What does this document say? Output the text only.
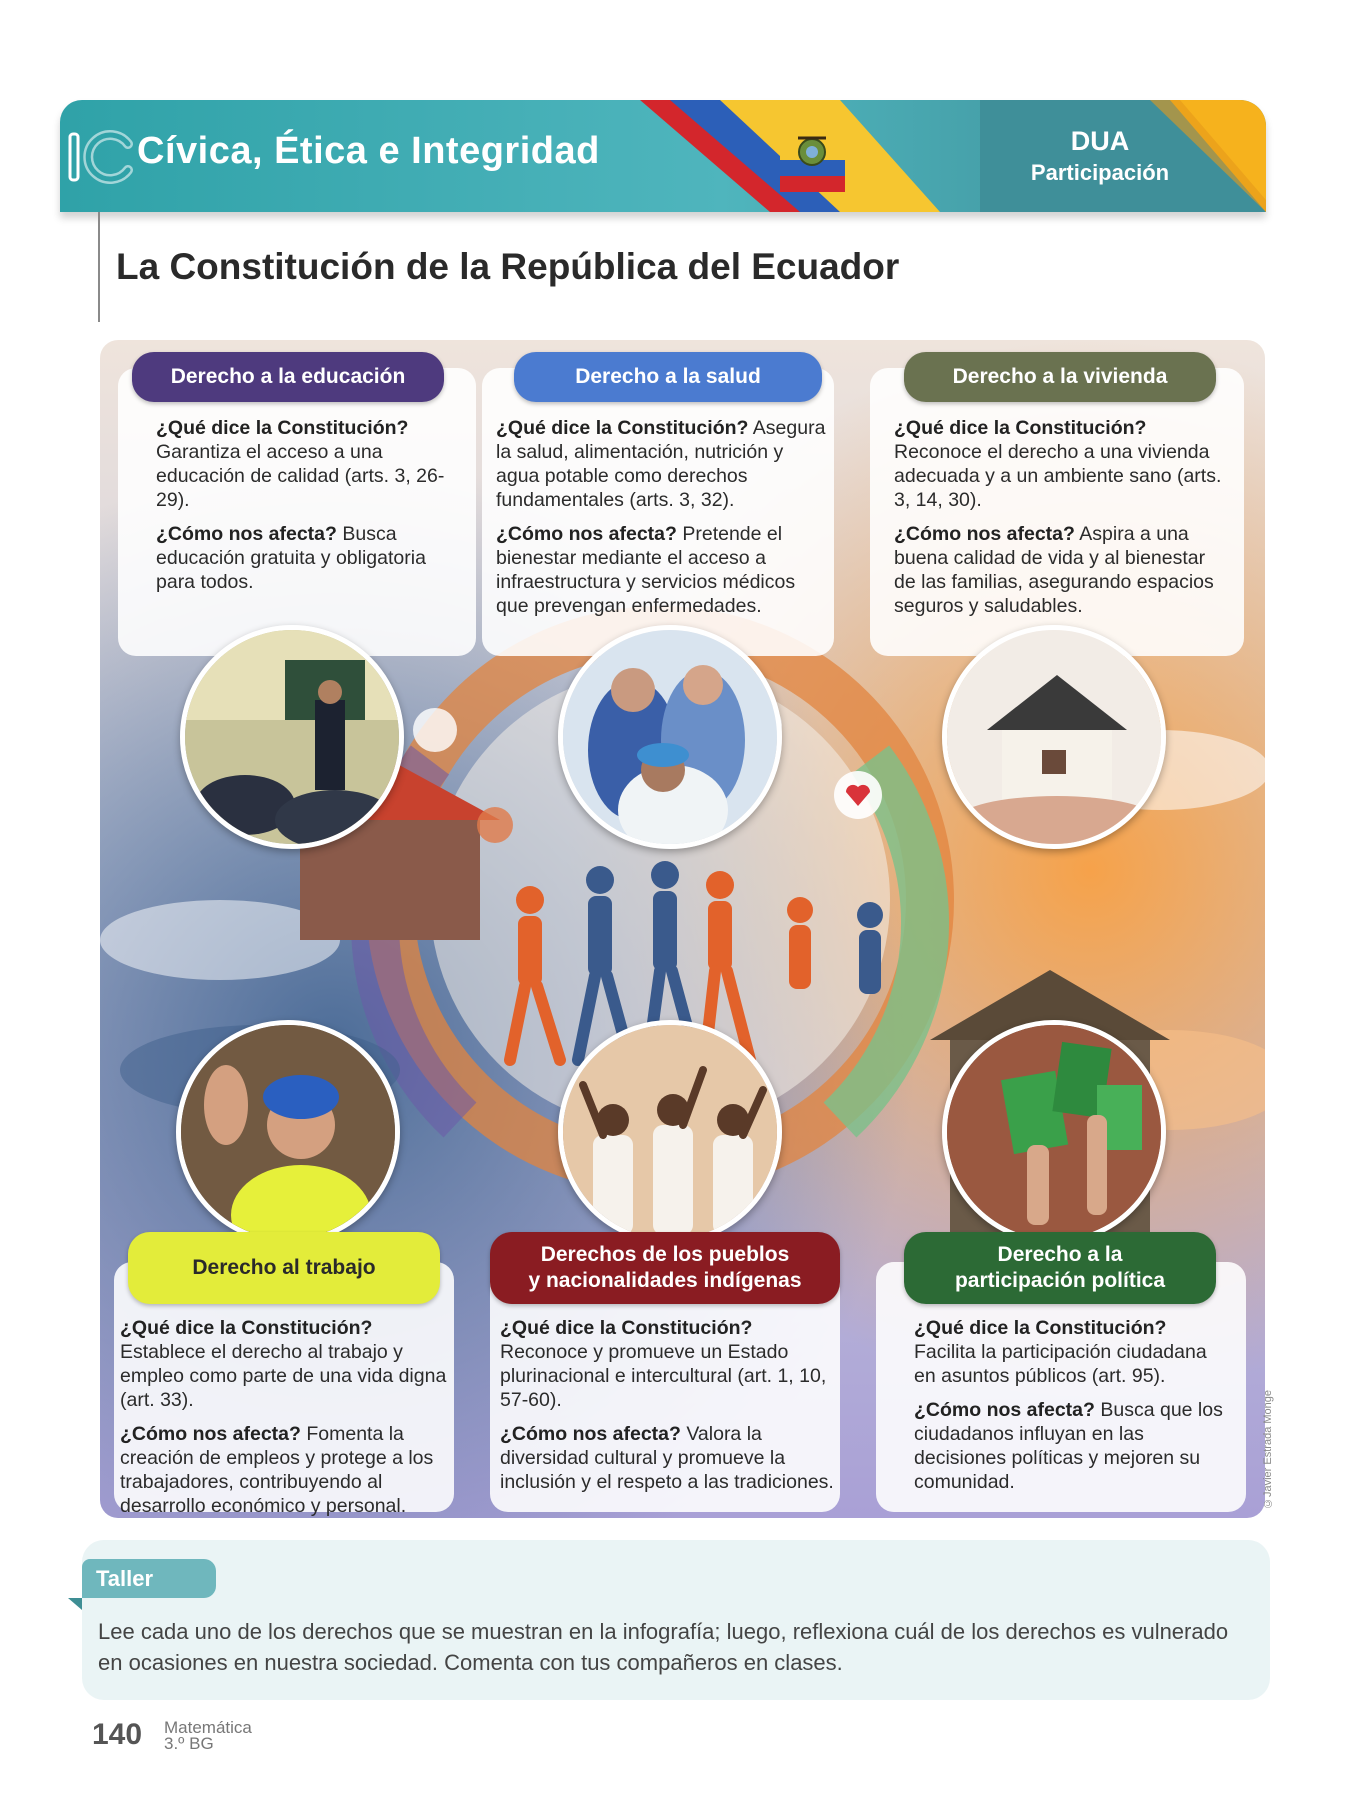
Cívica, Ética e Integridad	DUA
Participación
La Constitución de la República del Ecuador
Derecho a la educación

¿Qué dice la Constitución? Garantiza el acceso a una educación de calidad (arts. 3, 26-29).

¿Cómo nos afecta? Busca educación gratuita y obligatoria para todos.

Derecho a la salud

¿Qué dice la Constitución? Asegura la salud, alimentación, nutrición y agua potable como derechos fundamentales (arts. 3, 32).

¿Cómo nos afecta? Pretende el bienestar mediante el acceso a infraestructura y servicios médicos que prevengan enfermedades.

Derecho a la vivienda

¿Qué dice la Constitución? Reconoce el derecho a una vivienda adecuada y a un ambiente sano (arts. 3, 14, 30).

¿Cómo nos afecta? Aspira a una buena calidad de vida y al bienestar de las familias, asegurando espacios seguros y saludables.

Derecho al trabajo

¿Qué dice la Constitución? Establece el derecho al trabajo y empleo como parte de una vida digna (art. 33).

¿Cómo nos afecta? Fomenta la creación de empleos y protege a los trabajadores, contribuyendo al desarrollo económico y personal.

Derechos de los pueblos
y nacionalidades indígenas

¿Qué dice la Constitución? Reconoce y promueve un Estado plurinacional e intercultural (art. 1, 10, 57-60).

¿Cómo nos afecta? Valora la diversidad cultural y promueve la inclusión y el respeto a las tradiciones.

Derecho a la
participación política

¿Qué dice la Constitución? Facilita la participación ciudadana en asuntos públicos (art. 95).

¿Cómo nos afecta? Busca que los ciudadanos influyan en las decisiones políticas y mejoren su comunidad.	©Javier Estrada Monge
Taller
Lee cada uno de los derechos que se muestran en la infografía; luego, reflexiona cuál de los derechos es vulnerado en ocasiones en nuestra sociedad. Comenta con tus compañeros en clases.
140 Matemática
3.º BG
